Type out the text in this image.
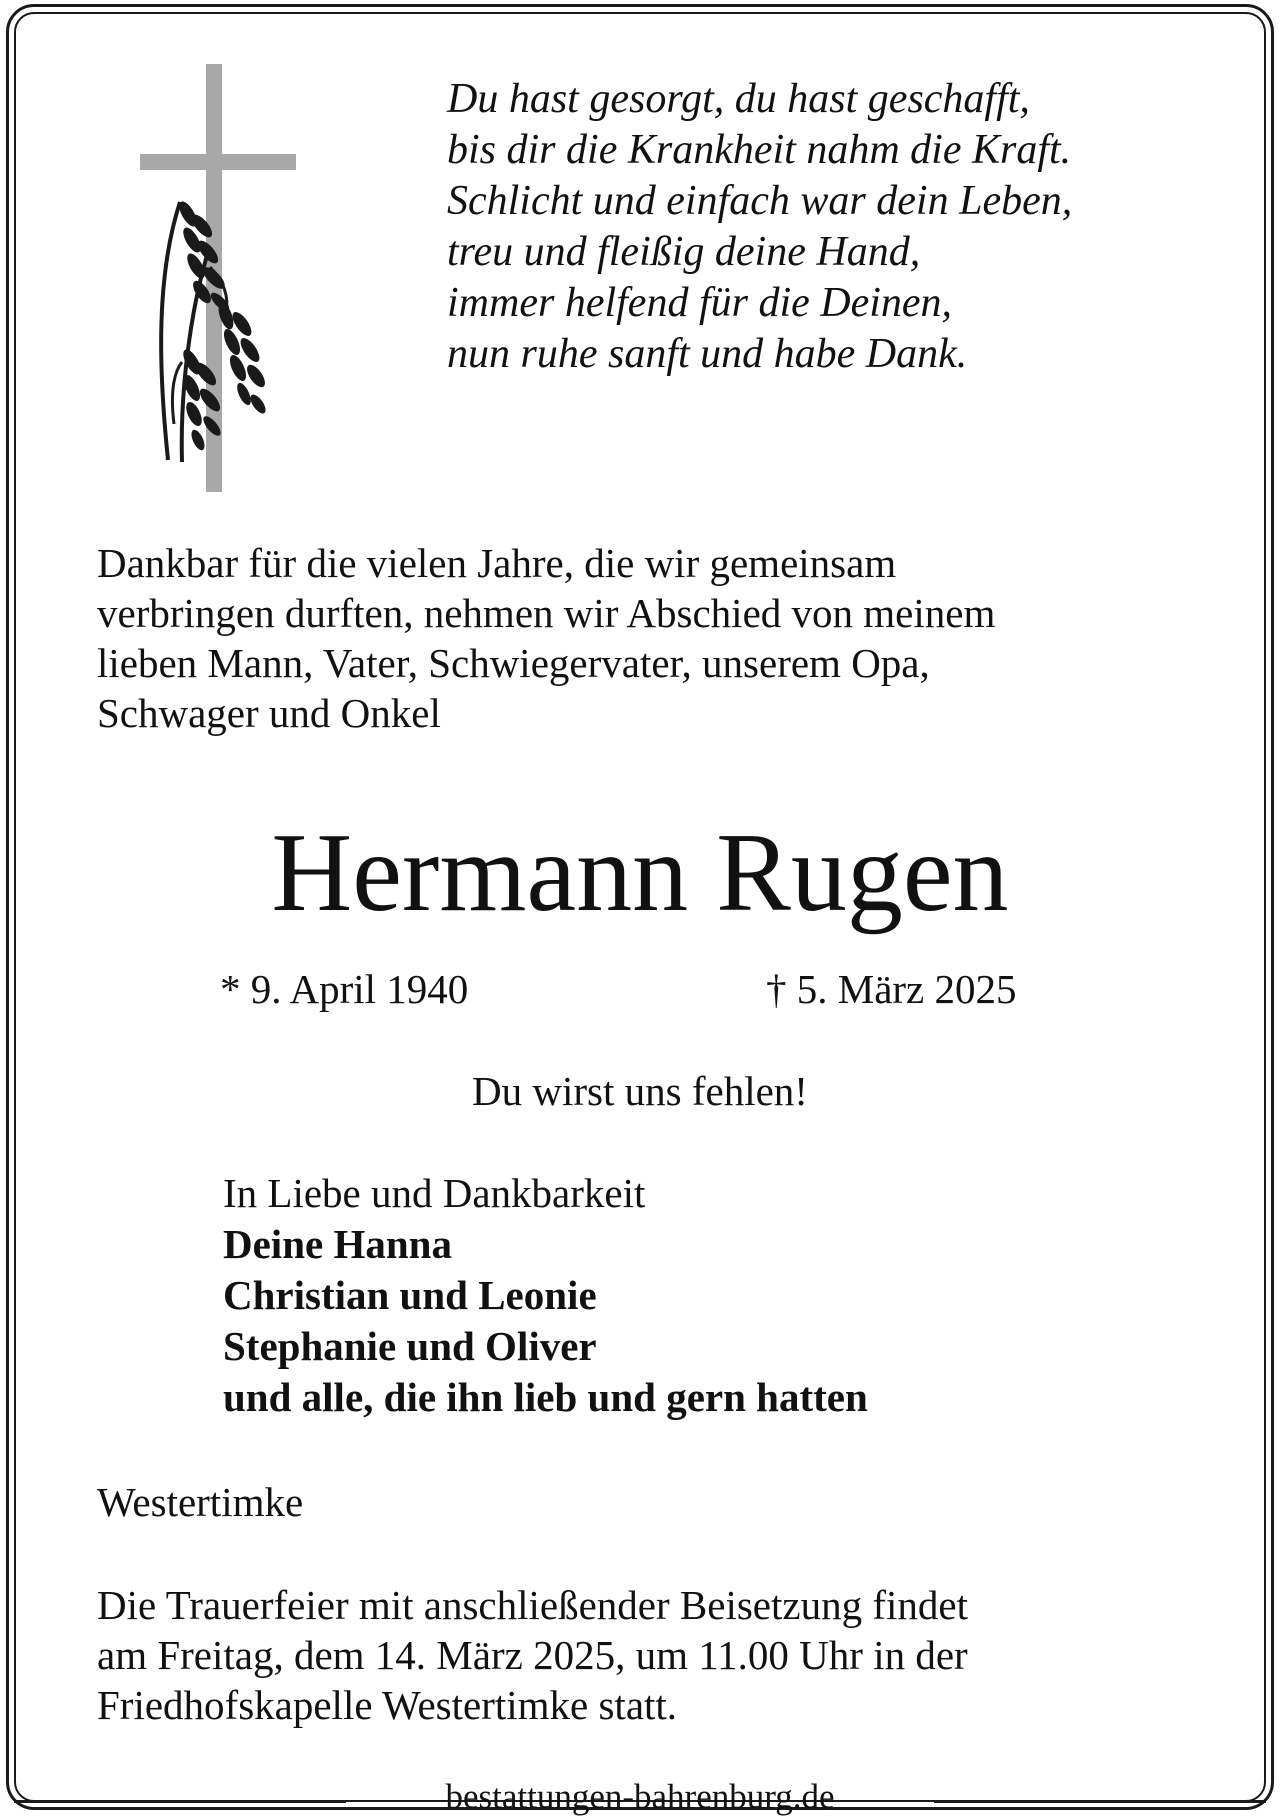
Du hast gesorgt, du hast geschafft,
bis dir die Krankheit nahm die Kraft.
Schlicht und einfach war dein Leben,
treu und fleißig deine Hand,
immer helfend für die Deinen,
nun ruhe sanft und habe Dank.
Dankbar für die vielen Jahre, die wir gemeinsam
verbringen durften, nehmen wir Abschied von meinem
lieben Mann, Vater, Schwiegervater, unserem Opa,
Schwager und Onkel
Hermann Rugen
* 9. April 1940	† 5. März 2025
Du wirst uns fehlen!
In Liebe und Dankbarkeit
Deine Hanna
Christian und Leonie
Stephanie und Oliver
und alle, die ihn lieb und gern hatten
Westertimke
Die Trauerfeier mit anschließender Beisetzung findet
am Freitag, dem 14. März 2025, um 11.00 Uhr in der
Friedhofskapelle Westertimke statt.
bestattungen-bahrenburg.de
